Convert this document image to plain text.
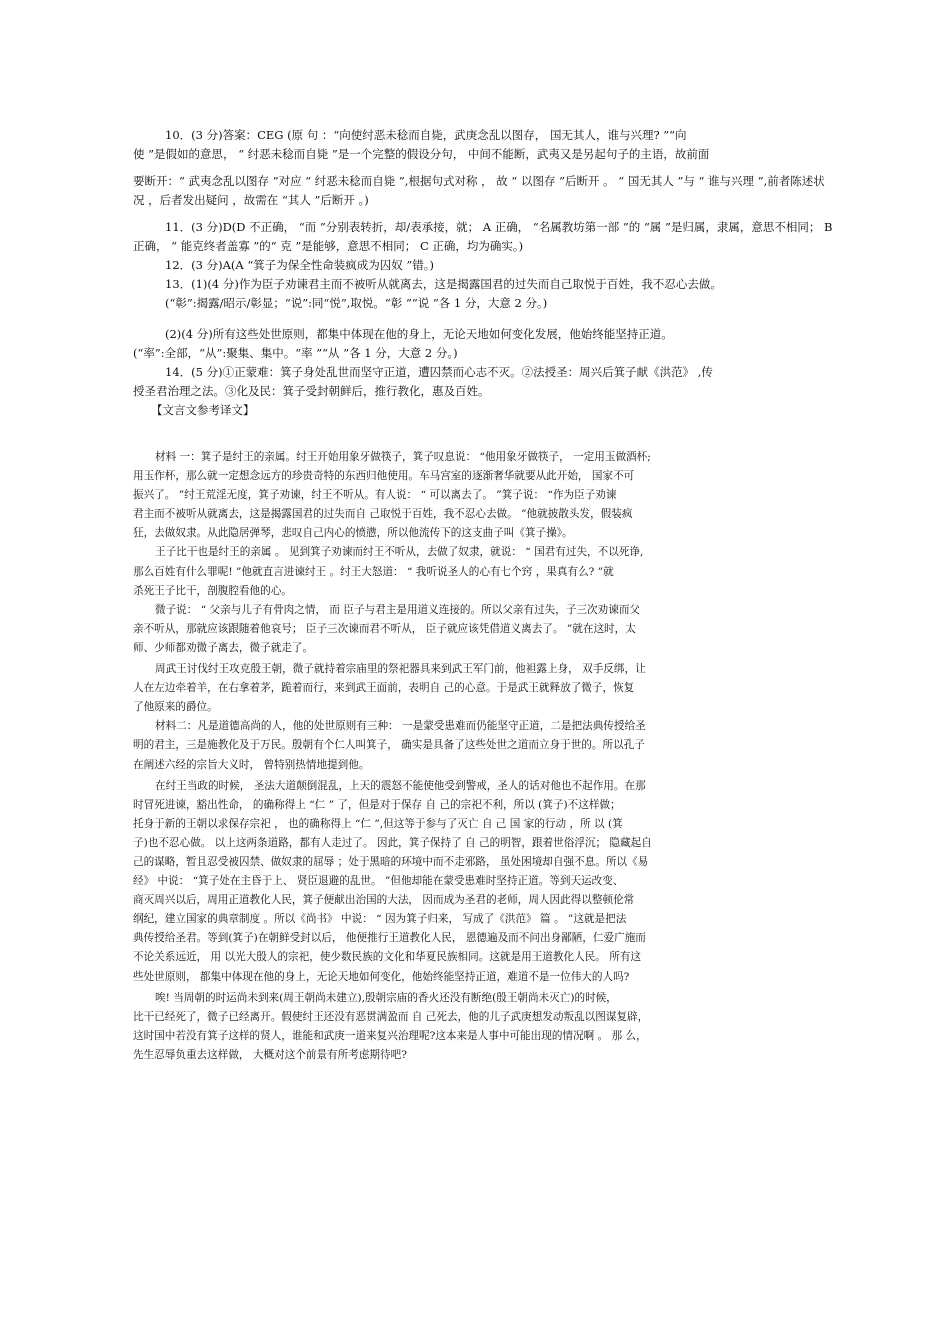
10．(3 分)答案：CEG (原 句 ：“向使纣恶未稔而自毙，武庚念乱以图存， 国无其人，谁与兴理? ”“向

使 ”是假如的意思， “ 纣恶未稔而自毙 ”是一个完整的假设分句， 中间不能断，武夷又是另起句子的主语，故前面

要断开：“ 武夷念乱以图存 ”对应 “ 纣恶未稔而自毙 ”,根据句式对称 ， 故 “ 以图存 ”后断开 。 “ 国无其人 ”与 “ 谁与兴理 ”,前者陈述状况 ，后者发出疑问 ，故需在 “其人 ”后断开 。)

11．(3 分)D(D 不正确， “而 ”分别表转折，却/表承接，就； A 正确， “名属教坊第一部 ”的 “属 ”是归属，隶属，意思不相同； B 正确， “ 能克终者盖寡 ”的“ 克 ”是能够，意思不相同； C 正确，均为确实。)

12．(3 分)A(A “箕子为保全性命装疯成为囚奴 ”错。)

13．(1)(4 分)作为臣子劝谏君主而不被听从就离去，这是揭露国君的过失而自己取悦于百姓，我不忍心去做。

(“彰”:揭露/昭示/彰显；“说”:同“悦”,取悦。“彰 ”“说 ”各 1 分，大意 2 分。)

(2)(4 分)所有这些处世原则，都集中体现在他的身上，无论天地如何变化发展，他始终能坚持正道。

(“率”:全部，“从”:聚集、集中。“率 ”“从 ”各 1 分，大意 2 分。)

14．(5 分)①正蒙难：箕子身处乱世而坚守正道，遭囚禁而心志不灭。②法授圣：周兴后箕子献《洪范》 ,传

授圣君治理之法。③化及民：箕子受封朝鲜后，推行教化，惠及百姓。

【文言文参考译文】

材料 一：箕子是纣王的亲属。纣王开始用象牙做筷子，箕子叹息说： “他用象牙做筷子， 一定用玉做酒杯;

用玉作杯，那么就一定想念远方的珍贵奇特的东西归他使用。车马宫室的逐渐奢华就要从此开始， 国家不可

振兴了。 ”纣王荒淫无度，箕子劝谏，纣王不听从。有人说： “ 可以离去了。 ”箕子说： “作为臣子劝谏

君主而不被听从就离去，这是揭露国君的过失而自 己取悦于百姓，我不忍心去做。 ”他就披散头发，假装疯

狂，去做奴隶。从此隐居弹琴，悲叹自己内心的愤懑，所以他流传下的这支曲子叫《箕子操》。

王子比干也是纣王的亲属 。 见到箕子劝谏而纣王不听从，去做了奴隶，就说： “ 国君有过失，不以死诤,

那么百姓有什么罪呢! ”他就直言进谏纣王 。纣王大怒道： “ 我听说圣人的心有七个窍 ，果真有么? ”就

杀死王子比干，剖腹腔看他的心。

微子说： “ 父亲与儿子有骨肉之情， 而 臣子与君主是用道义连接的。所以父亲有过失，子三次劝谏而父

亲不听从，那就应该跟随着他哀号； 臣子三次谏而君不听从， 臣子就应该凭借道义离去了。 ”就在这时，太

师、少师都劝微子离去，微子就走了。

周武王讨伐纣王攻克殷王朝，微子就持着宗庙里的祭祀器具来到武王军门前，他袒露上身， 双手反绑，让

人在左边牵着羊，在右拿着茅，跪着而行，来到武王面前，表明自 己的心意。于是武王就释放了微子，恢复

了他原来的爵位。

材料二：凡是道德高尚的人，他的处世原则有三种： 一是蒙受患难而仍能坚守正道，二是把法典传授给圣

明的君主，三是施教化及于万民。殷朝有个仁人叫箕子， 确实是具备了这些处世之道而立身于世的。所以孔子

在阐述六经的宗旨大义时， 曾特别热情地提到他。

在纣王当政的时候， 圣法大道颠倒混乱，上天的震怒不能使他受到警戒，圣人的话对他也不起作用。在那

时冒死进谏，豁出性命， 的确称得上 “仁 ” 了，但是对于保存 自 己的宗祀不利，所以 (箕子)不这样做；

托身于新的王朝以求保存宗祀 ， 也的确称得上 “仁 ”,但这等于参与了灭亡 自 己 国 家的行动 ，所 以 (箕

子)也不忍心做。 以上这两条道路，都有人走过了。 因此，箕子保持了 自 己的明智，跟着世俗浮沉； 隐藏起自

己的谋略，暂且忍受被囚禁、做奴隶的屈辱 ；处于黑暗的环境中而不走邪路， 虽处困境却自强不息。所以《易

经》 中说： “箕子处在主昏于上、 贤臣退避的乱世。 ”但他却能在蒙受患难时坚持正道。等到天运改变、

商灭周兴以后，周用正道教化人民，箕子便献出治国的大法， 因而成为圣君的老师，周人因此得以整顿伦常

纲纪，建立国家的典章制度 。所以《尚书》 中说： “ 因为箕子归来， 写成了《洪范》 篇 。 ”这就是把法

典传授给圣君。等到(箕子)在朝鲜受封以后， 他便推行王道教化人民， 恩德遍及而不问出身鄙陋，仁爱广施而

不论关系远近， 用 以光大殷人的宗祀，使少数民族的文化和华夏民族相同。这就是用王道教化人民。 所有这

些处世原则， 都集中体现在他的身上，无论天地如何变化，他始终能坚持正道，难道不是一位伟大的人吗?

唉! 当周朝的时运尚未到来(周王朝尚未建立),殷朝宗庙的香火还没有断绝(殷王朝尚未灭亡)的时候，

比干已经死了，微子已经离开。假使纣王还没有恶贯满盈而 自 己死去，他的儿子武庚想发动叛乱以图谋复辟，

这时国中若没有箕子这样的贤人，谁能和武庚一道来复兴治理呢?这本来是人事中可能出现的情况啊 。 那 么，

先生忍辱负重去这样做， 大概对这个前景有所考虑期待吧?
